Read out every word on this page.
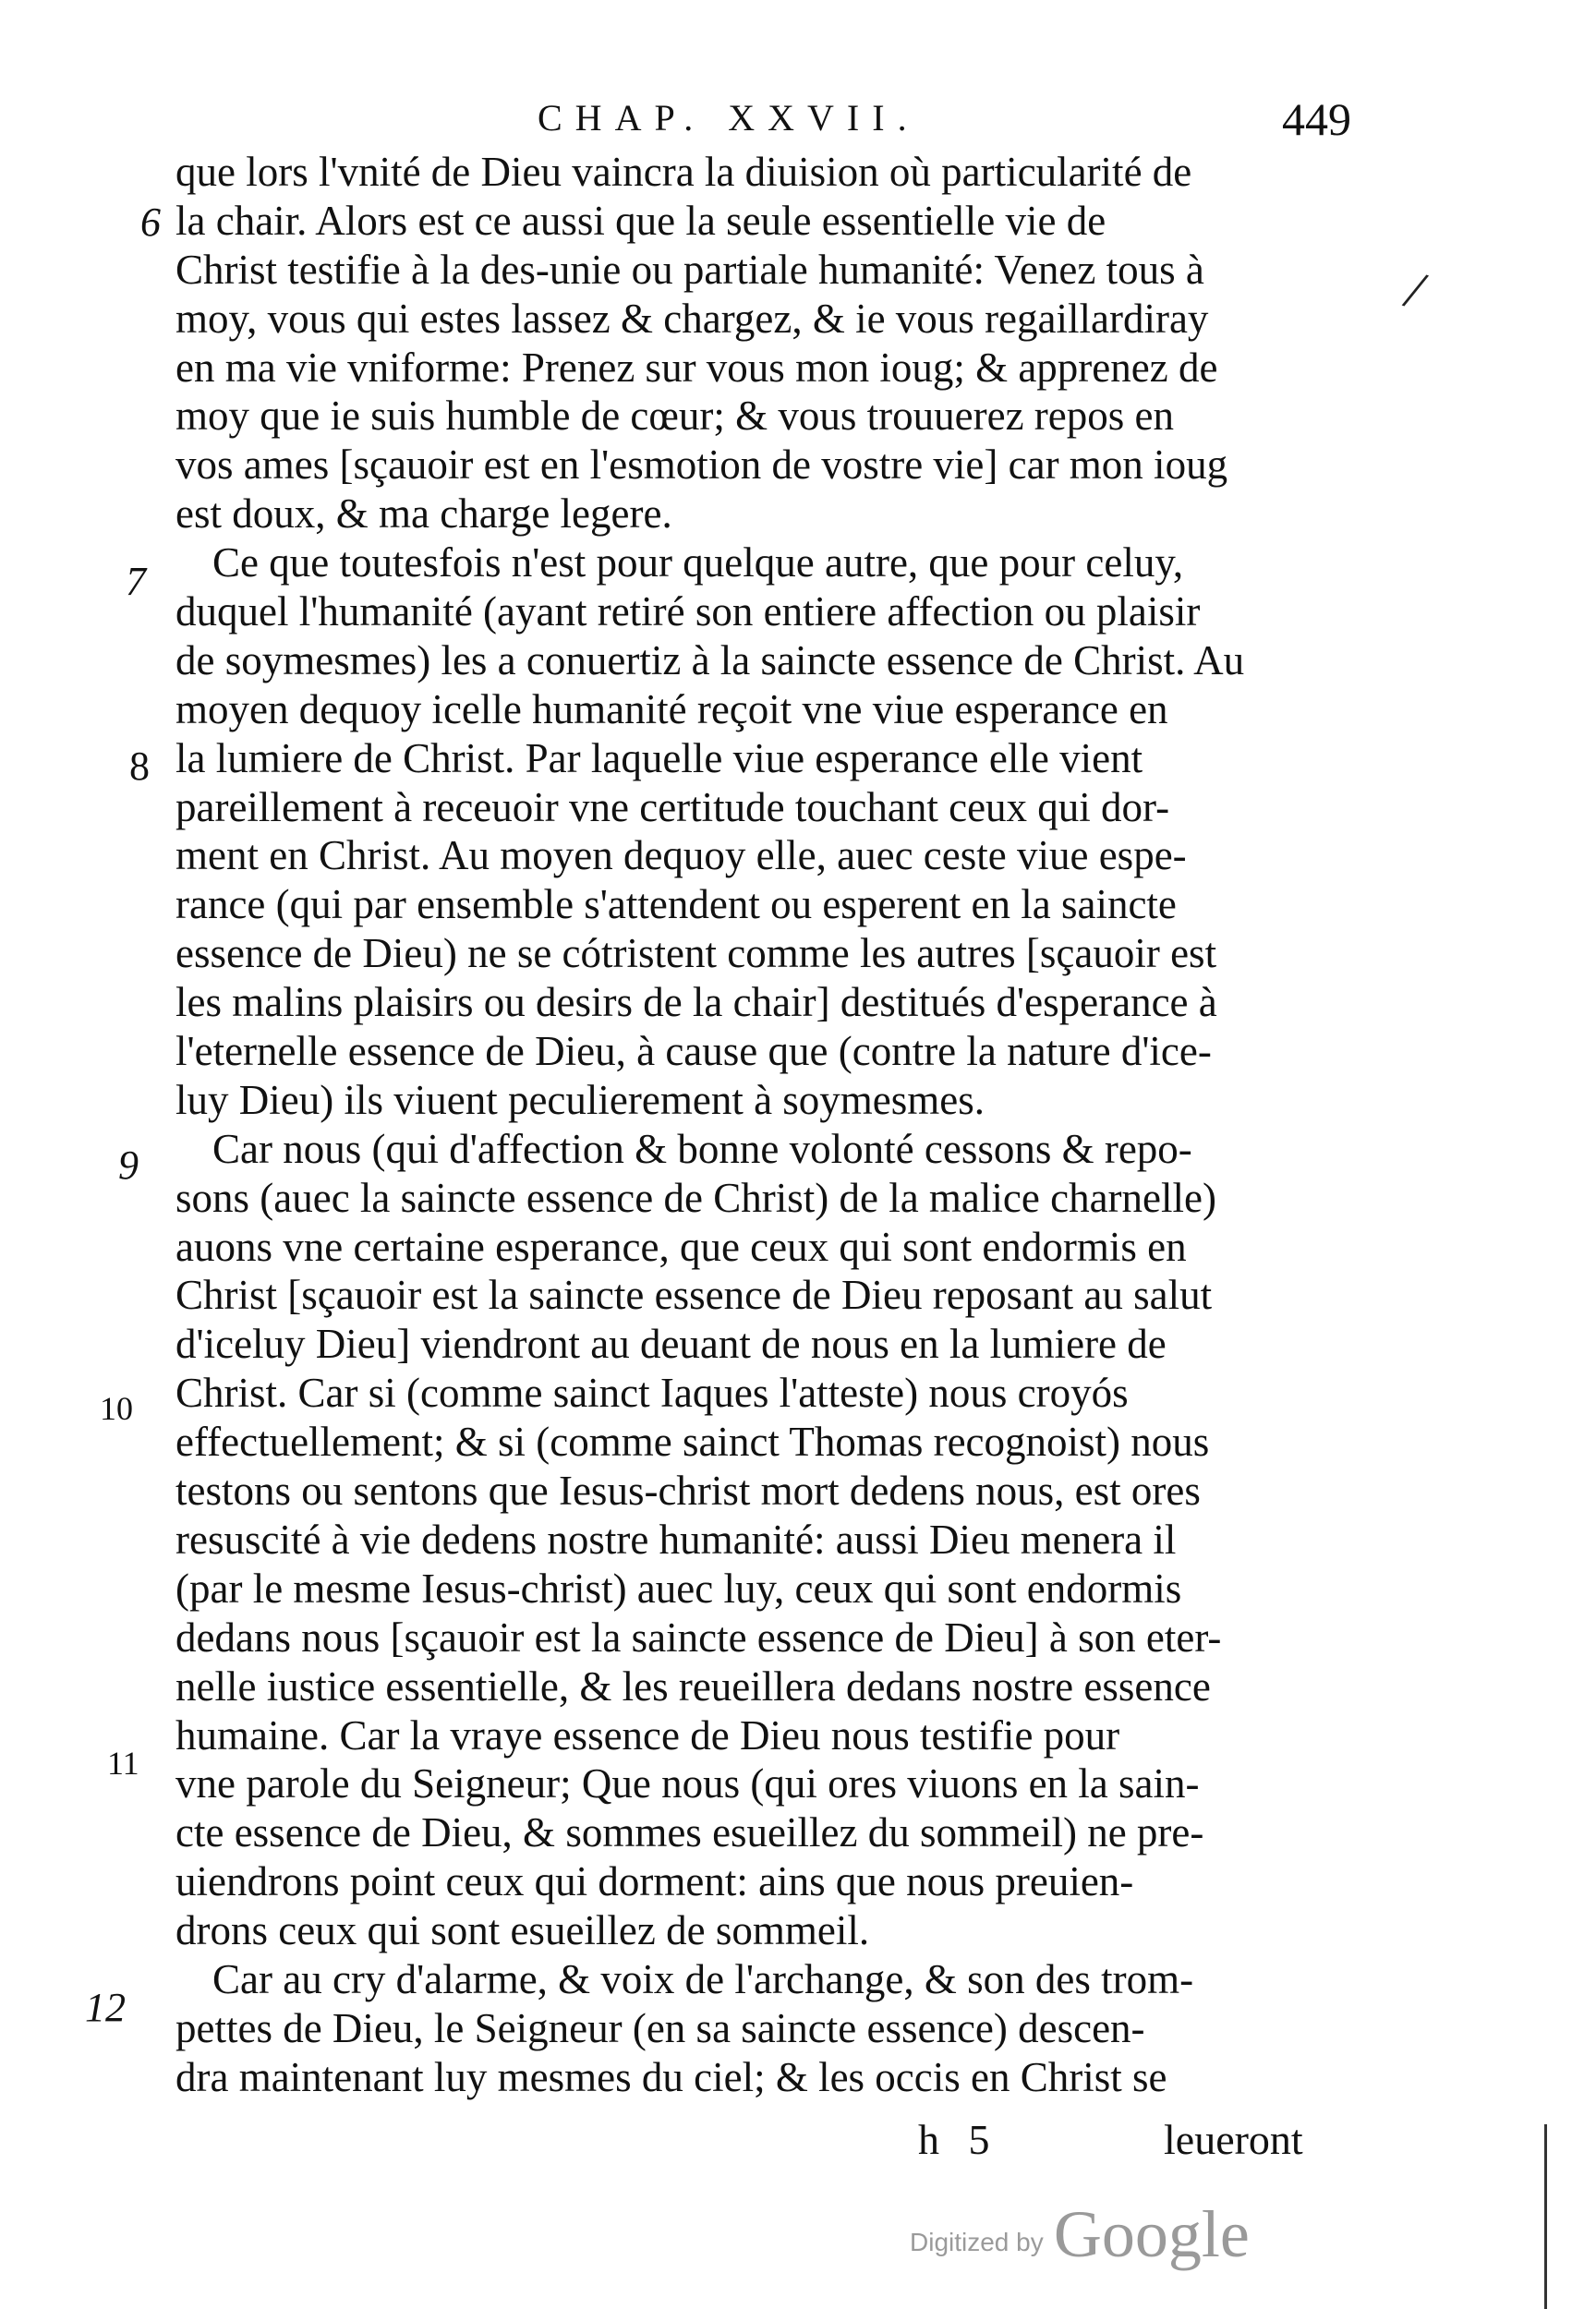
CHAP. XXVII.	449
6
7
8
9
10
11
12
que lors l'vnité de Dieu vaincra la diuision où particularité de
la chair. Alors est ce aussi que la seule essentielle vie de
Christ testifie à la des-unie ou partiale humanité: Venez tous à
moy, vous qui estes lassez & chargez, & ie vous regaillardiray
en ma vie vniforme: Prenez sur vous mon ioug; & apprenez de
moy que ie suis humble de cœur; & vous trouuerez repos en
vos ames [sçauoir est en l'esmotion de vostre vie] car mon ioug
est doux, & ma charge legere.
Ce que toutesfois n'est pour quelque autre, que pour celuy,
duquel l'humanité (ayant retiré son entiere affection ou plaisir
de soymesmes) les a conuertiz à la saincte essence de Christ. Au
moyen dequoy icelle humanité reçoit vne viue esperance en
la lumiere de Christ. Par laquelle viue esperance elle vient
pareillement à receuoir vne certitude touchant ceux qui dor-
ment en Christ. Au moyen dequoy elle, auec ceste viue espe-
rance (qui par ensemble s'attendent ou esperent en la saincte
essence de Dieu) ne se cótristent comme les autres [sçauoir est
les malins plaisirs ou desirs de la chair] destitués d'esperance à
l'eternelle essence de Dieu, à cause que (contre la nature d'ice-
luy Dieu) ils viuent peculierement à soymesmes.
Car nous (qui d'affection & bonne volonté cessons & repo-
sons (auec la saincte essence de Christ) de la malice charnelle)
auons vne certaine esperance, que ceux qui sont endormis en
Christ [sçauoir est la saincte essence de Dieu reposant au salut
d'iceluy Dieu] viendront au deuant de nous en la lumiere de
Christ. Car si (comme sainct Iaques l'atteste) nous croyós
effectuellement; & si (comme sainct Thomas recognoist) nous
testons ou sentons que Iesus-christ mort dedens nous, est ores
resuscité à vie dedens nostre humanité: aussi Dieu menera il
(par le mesme Iesus-christ) auec luy, ceux qui sont endormis
dedans nous [sçauoir est la saincte essence de Dieu] à son eter-
nelle iustice essentielle, & les reueillera dedans nostre essence
humaine. Car la vraye essence de Dieu nous testifie pour
vne parole du Seigneur; Que nous (qui ores viuons en la sain-
cte essence de Dieu, & sommes esueillez du sommeil) ne pre-
uiendrons point ceux qui dorment: ains que nous preuien-
drons ceux qui sont esueillez de sommeil.
Car au cry d'alarme, & voix de l'archange, & son des trom-
pettes de Dieu, le Seigneur (en sa saincte essence) descen-
dra maintenant luy mesmes du ciel; & les occis en Christ se
h 5	leueront
/
Digitized by Google
